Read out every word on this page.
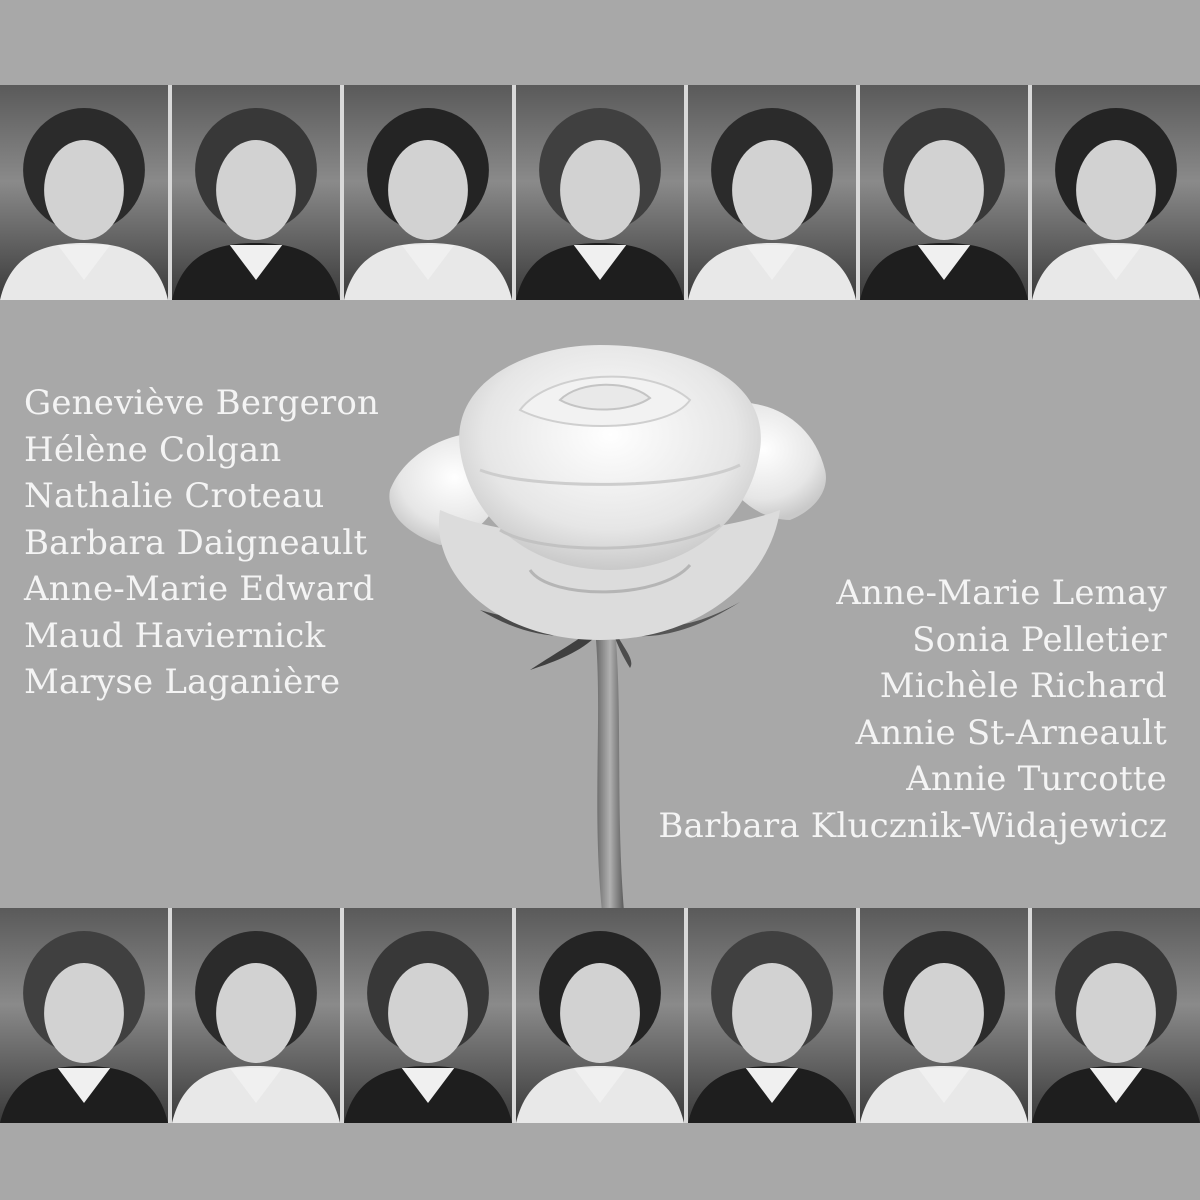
Geneviève Bergeron
Hélène Colgan
Nathalie Croteau
Barbara Daigneault
Anne-Marie Edward
Maud Haviernick
Maryse Laganière
Anne-Marie Lemay
Sonia Pelletier
Michèle Richard
Annie St-Arneault
Annie Turcotte
Barbara Klucznik-Widajewicz
